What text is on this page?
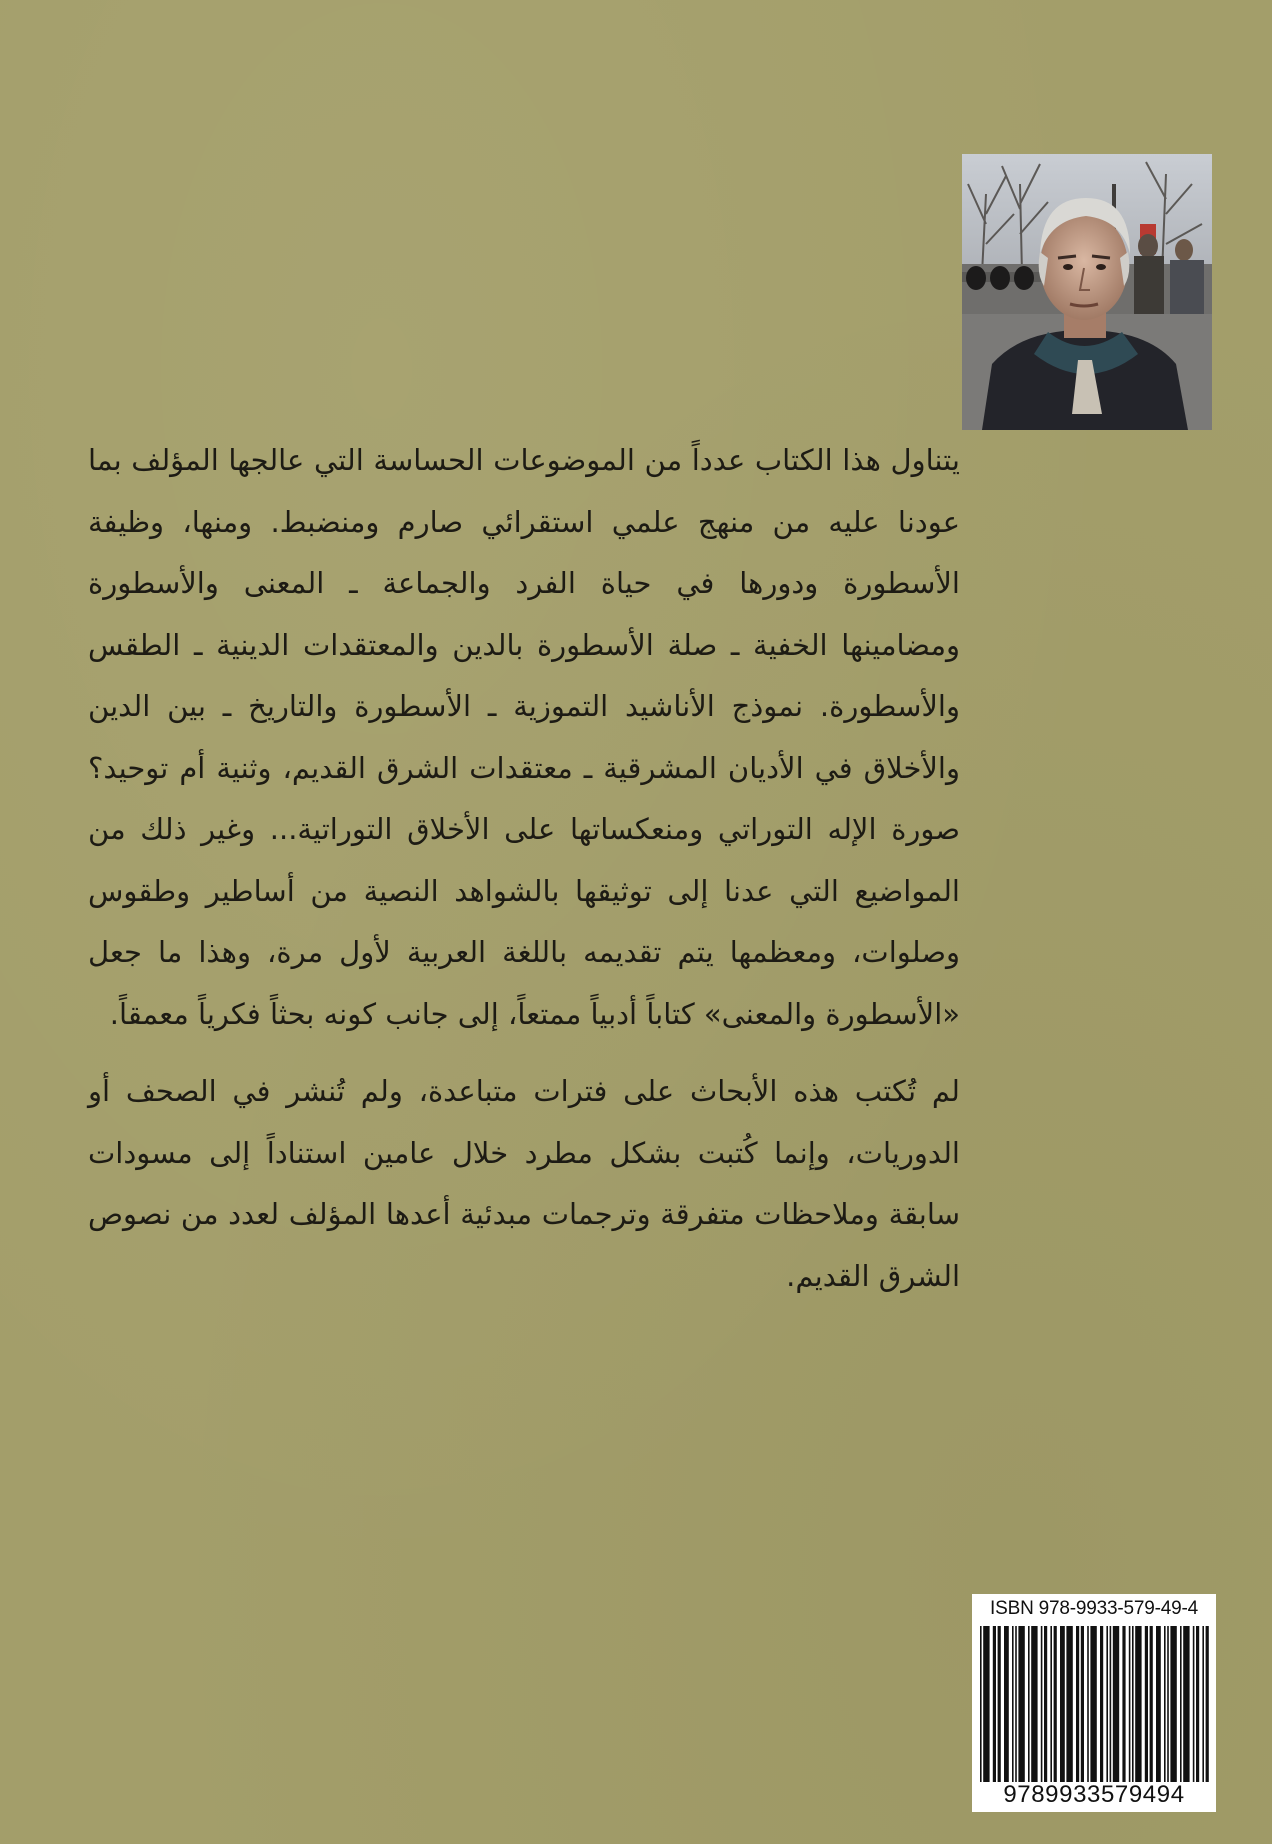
يتناول هذا الكتاب عدداً من الموضوعات الحساسة التي عالجها المؤلف بما عودنا عليه من منهج علمي استقرائي صارم ومنضبط. ومنها، وظيفة الأسطورة ودورها في حياة الفرد والجماعة ـ المعنى والأسطورة ومضامينها الخفية ـ صلة الأسطورة بالدين والمعتقدات الدينية ـ الطقس والأسطورة. نموذج الأناشيد التموزية ـ الأسطورة والتاريخ ـ بين الدين والأخلاق في الأديان المشرقية ـ معتقدات الشرق القديم، وثنية أم توحيد؟ صورة الإله التوراتي ومنعكساتها على الأخلاق التوراتية... وغير ذلك من المواضيع التي عدنا إلى توثيقها بالشواهد النصية من أساطير وطقوس وصلوات، ومعظمها يتم تقديمه باللغة العربية لأول مرة، وهذا ما جعل «الأسطورة والمعنى» كتاباً أدبياً ممتعاً، إلى جانب كونه بحثاً فكرياً معمقاً.

لم تُكتب هذه الأبحاث على فترات متباعدة، ولم تُنشر في الصحف أو الدوريات، وإنما كُتبت بشكل مطرد خلال عامين استناداً إلى مسودات سابقة وملاحظات متفرقة وترجمات مبدئية أعدها المؤلف لعدد من نصوص الشرق القديم.

ISBN 978-9933-579-49-4
9789933579494
